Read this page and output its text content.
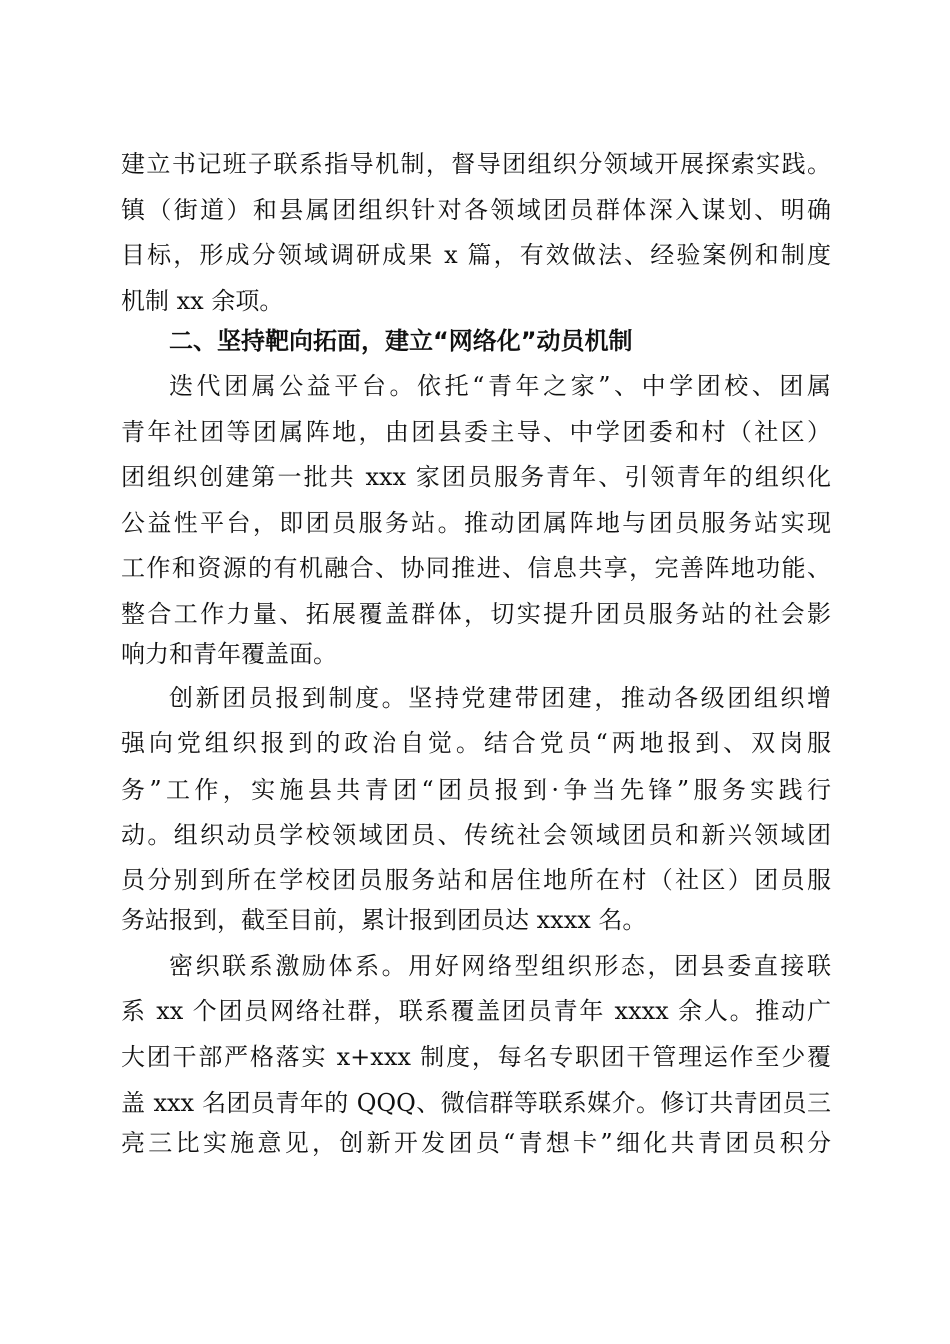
建立书记班子联系指导机制，督导团组织分领域开展探索实践。
镇（街道）和县属团组织针对各领域团员群体深入谋划、明确
目标，形成分领域调研成果 x 篇，有效做法、经验案例和制度
机制 xx 余项。
二、坚持靶向拓面，建立“网络化”动员机制
迭代团属公益平台。依托“青年之家”、中学团校、团属
青年社团等团属阵地，由团县委主导、中学团委和村（社区）
团组织创建第一批共 xxx 家团员服务青年、引领青年的组织化
公益性平台，即团员服务站。推动团属阵地与团员服务站实现
工作和资源的有机融合、协同推进、信息共享，完善阵地功能、
整合工作力量、拓展覆盖群体，切实提升团员服务站的社会影
响力和青年覆盖面。
创新团员报到制度。坚持党建带团建，推动各级团组织增
强向党组织报到的政治自觉。结合党员“两地报到、双岗服
务”工作，实施县共青团“团员报到·争当先锋”服务实践行
动。组织动员学校领域团员、传统社会领域团员和新兴领域团
员分别到所在学校团员服务站和居住地所在村（社区）团员服
务站报到，截至目前，累计报到团员达 xxxx 名。
密织联系激励体系。用好网络型组织形态，团县委直接联
系 xx 个团员网络社群，联系覆盖团员青年 xxxx 余人。推动广
大团干部严格落实 x+xxx 制度，每名专职团干管理运作至少覆
盖 xxx 名团员青年的 QQQ、微信群等联系媒介。修订共青团员三
亮三比实施意见，创新开发团员“青想卡”细化共青团员积分
